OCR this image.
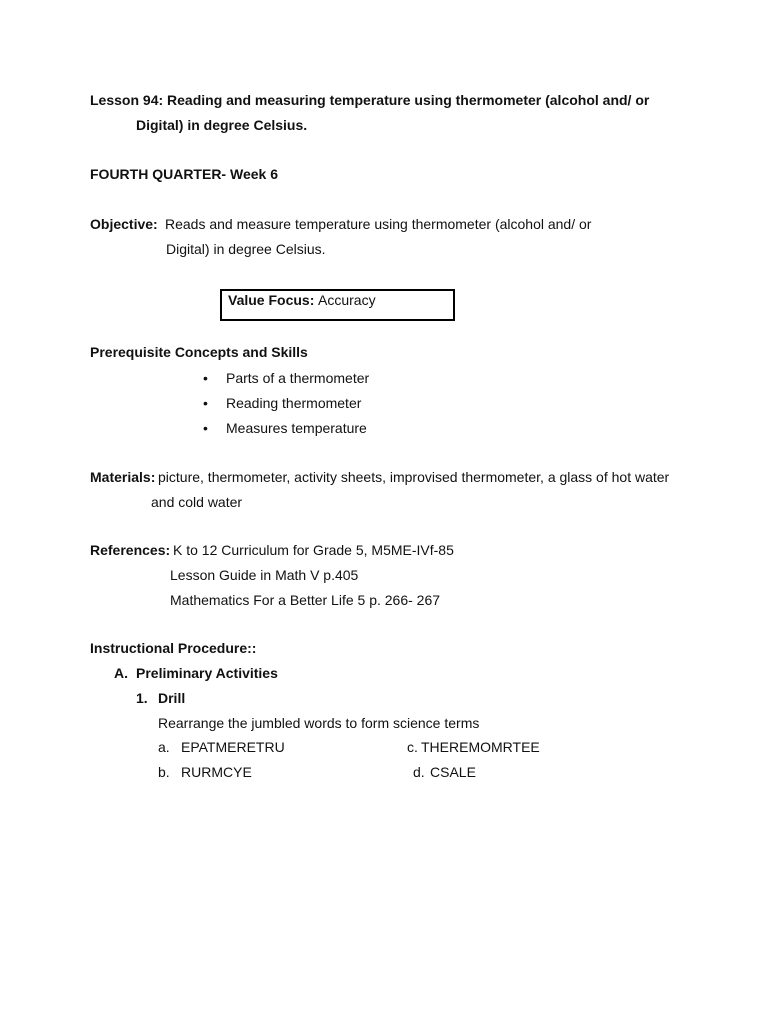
Lesson 94: Reading and measuring temperature using thermometer (alcohol and/ or
Digital) in degree Celsius.
FOURTH QUARTER- Week 6
Objective: Reads and measure temperature using thermometer (alcohol and/ or
Digital) in degree Celsius.
Value Focus: Accuracy
Prerequisite Concepts and Skills
• Parts of a thermometer
• Reading thermometer
• Measures temperature
Materials: picture, thermometer, activity sheets, improvised thermometer, a glass of hot water
and cold water
References: K to 12 Curriculum for Grade 5, M5ME-IVf-85
Lesson Guide in Math V p.405
Mathematics For a Better Life 5 p. 266- 267
Instructional Procedure::
A. Preliminary Activities
1. Drill
Rearrange the jumbled words to form science terms
a. EPATMERETRU
b. RURMCYE
c. THEREMOMRTEE
d. CSALE
